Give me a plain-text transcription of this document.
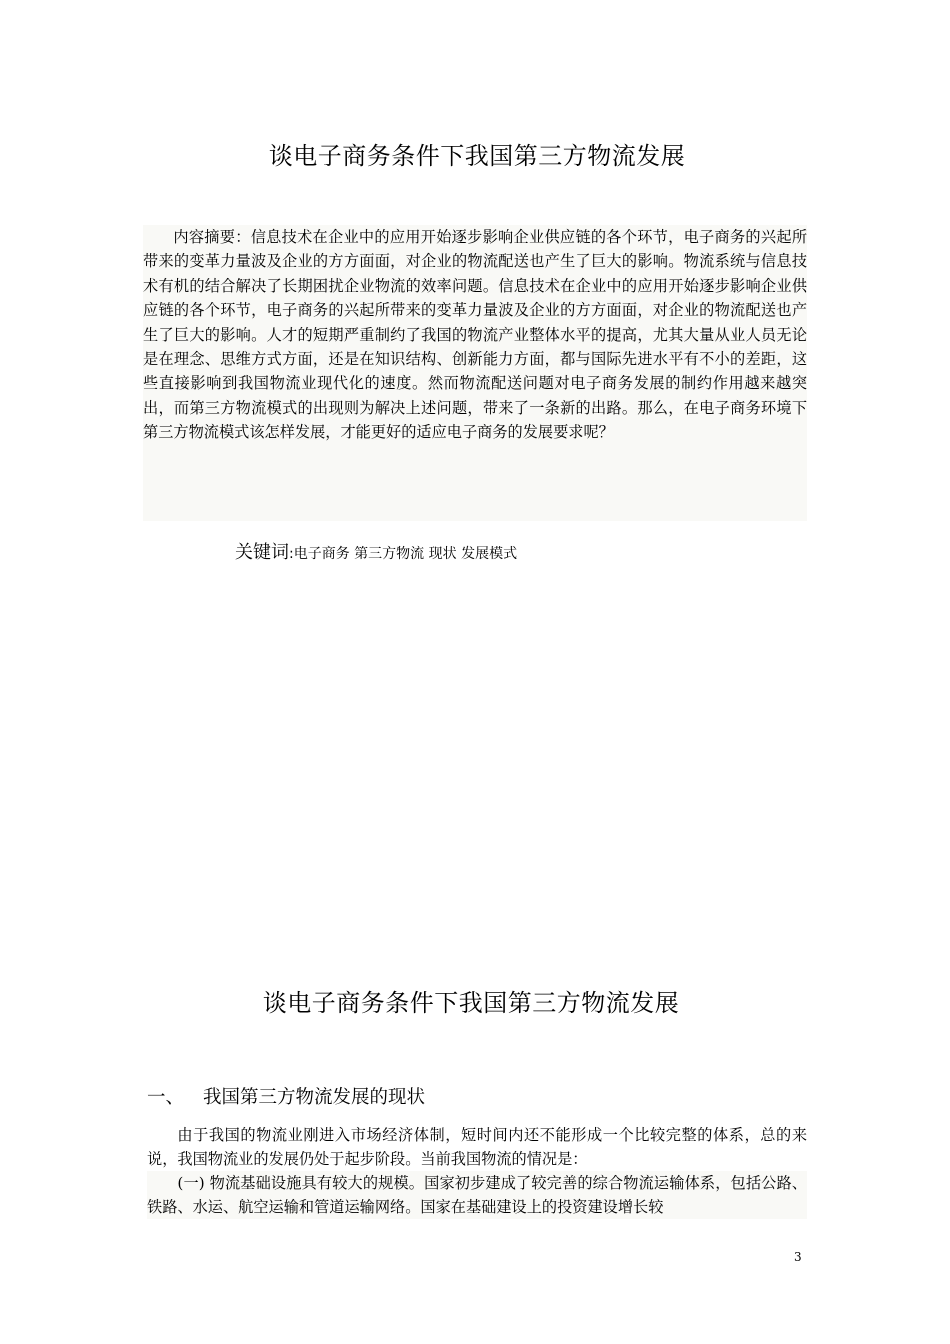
谈电子商务条件下我国第三方物流发展

内容摘要：信息技术在企业中的应用开始逐步影响企业供应链的各个环节，电子商务的兴起所带来的变革力量波及企业的方方面面，对企业的物流配送也产生了巨大的影响。物流系统与信息技术有机的结合解决了长期困扰企业物流的效率问题。信息技术在企业中的应用开始逐步影响企业供应链的各个环节，电子商务的兴起所带来的变革力量波及企业的方方面面，对企业的物流配送也产生了巨大的影响。人才的短期严重制约了我国的物流产业整体水平的提高，尤其大量从业人员无论是在理念、思维方式方面，还是在知识结构、创新能力方面，都与国际先进水平有不小的差距，这些直接影响到我国物流业现代化的速度。然而物流配送问题对电子商务发展的制约作用越来越突出，而第三方物流模式的出现则为解决上述问题，带来了一条新的出路。那么，在电子商务环境下第三方物流模式该怎样发展，才能更好的适应电子商务的发展要求呢？

关键词:电子商务 第三方物流 现状 发展模式
谈电子商务条件下我国第三方物流发展
一、 我国第三方物流发展的现状

由于我国的物流业刚进入市场经济体制，短时间内还不能形成一个比较完整的体系，总的来说，我国物流业的发展仍处于起步阶段。当前我国物流的情况是：

(一) 物流基础设施具有较大的规模。国家初步建成了较完善的综合物流运输体系，包括公路、铁路、水运、航空运输和管道运输网络。国家在基础建设上的投资建设增长较

3
